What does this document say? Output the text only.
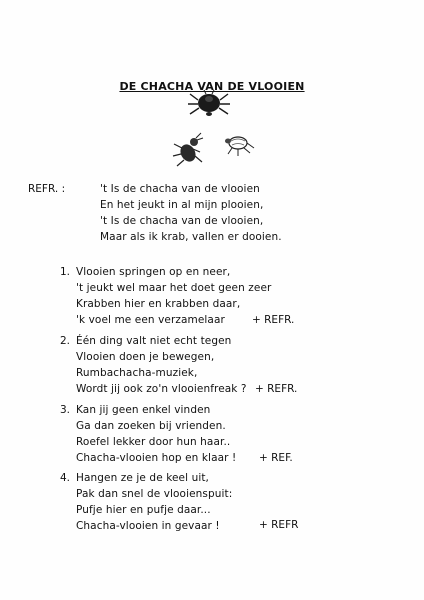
DE CHACHA VAN DE VLOOIEN
REFR. :	't Is de chacha van de vlooien
En het jeukt in al mijn plooien,
't Is de chacha van de vlooien,
Maar als ik krab, vallen er dooien.
1. Vlooien springen op en neer,
't jeukt wel maar het doet geen zeer
Krabben hier en krabben daar,
'k voel me een verzamelaar	+ REFR.
2. Één ding valt niet echt tegen
Vlooien doen je bewegen,
Rumbachacha-muziek,
Wordt jij ook zo'n vlooienfreak ? + REFR.
3. Kan jij geen enkel vinden
Ga dan zoeken bij vrienden.
Roefel lekker door hun haar..
Chacha-vlooien hop en klaar ! + REF.
4. Hangen ze je de keel uit,
Pak dan snel de vlooienspuit:
Pufje hier en pufje daar...
Chacha-vlooien in gevaar !	+ REFR
